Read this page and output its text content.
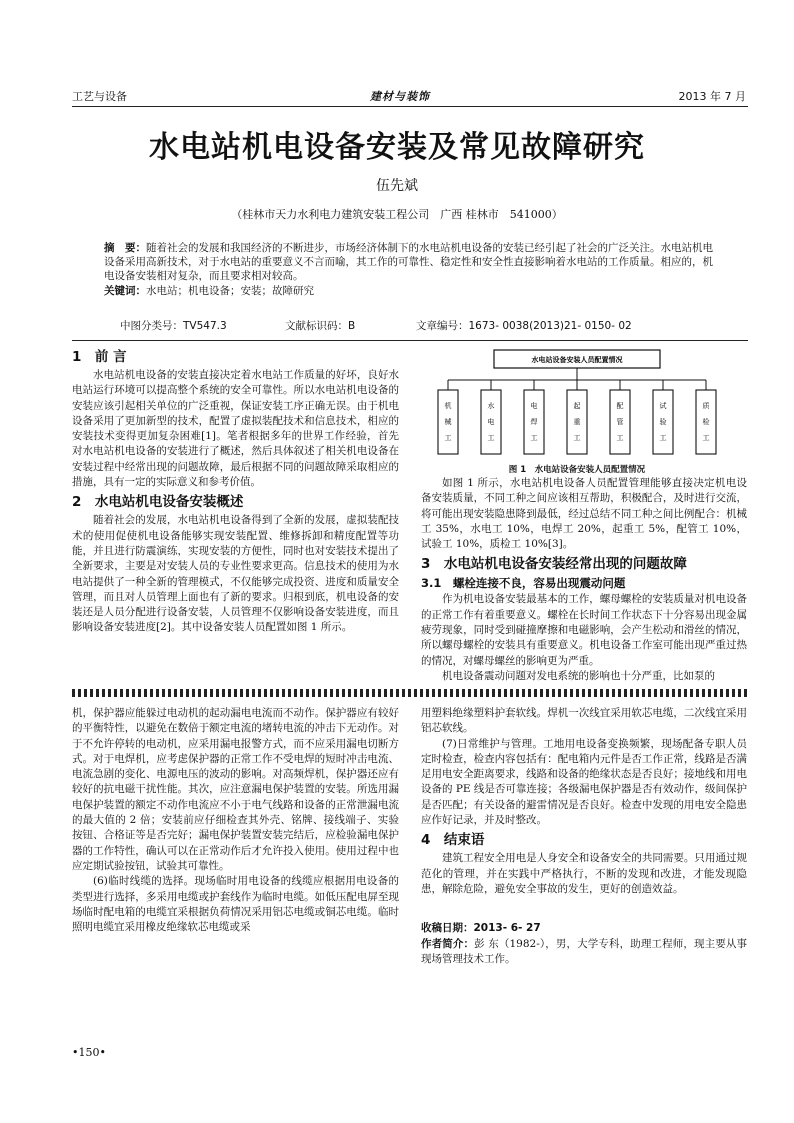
工艺与设备	建材与装饰	2013 年 7 月
水电站机电设备安装及常见故障研究
伍先斌
（桂林市天力水利电力建筑安装工程公司　广西 桂林市　541000）
摘　要：随着社会的发展和我国经济的不断进步，市场经济体制下的水电站机电设备的安装已经引起了社会的广泛关注。水电站机电设备采用高新技术，对于水电站的重要意义不言而喻，其工作的可靠性、稳定性和安全性直接影响着水电站的工作质量。相应的，机电设备安装相对复杂，而且要求相对较高。
关键词：水电站；机电设备；安装；故障研究
中图分类号：TV547.3	文献标识码：B	文章编号：1673- 0038(2013)21- 0150- 02
1　前 言

水电站机电设备的安装直接决定着水电站工作质量的好坏，良好水电站运行环境可以提高整个系统的安全可靠性。所以水电站机电设备的安装应该引起相关单位的广泛重视，保证安装工序正确无误。由于机电设备采用了更加新型的技术，配置了虚拟装配技术和信息技术，相应的安装技术变得更加复杂困难[1]。笔者根据多年的世界工作经验，首先对水电站机电设备的安装进行了概述，然后具体叙述了相关机电设备在安装过程中经常出现的问题故障，最后根据不同的问题故障采取相应的措施，具有一定的实际意义和参考价值。

2　水电站机电设备安装概述

随着社会的发展，水电站机电设备得到了全新的发展，虚拟装配技术的使用促使机电设备能够实现安装配置、维修拆卸和精度配置等功能，并且进行防震演练，实现安装的方便性，同时也对安装技术提出了全新要求，主要是对安装人员的专业性要求更高。信息技术的使用为水电站提供了一种全新的管理模式，不仅能够完成投资、进度和质量安全管理，而且对人员管理上面也有了新的要求。归根到底，机电设备的安装还是人员分配进行设备安装，人员管理不仅影响设备安装进度，而且影响设备安装进度[2]。其中设备安装人员配置如图 1 所示。

水电站设备安装人员配置情况
机械工
水电工
电焊工
起重工
配管工
试验工
质检工
图 1　水电站设备安装人员配置情况

如图 1 所示，水电站机电设备人员配置管理能够直接决定机电设备安装质量，不同工种之间应该相互帮助，积极配合，及时进行交流，将可能出现安装隐患降到最低，经过总结不同工种之间比例配合：机械工 35%，水电工 10%，电焊工 20%，起重工 5%，配管工 10%，试验工 10%，质检工 10%[3]。

3　水电站机电设备安装经常出现的问题故障
3.1　螺栓连接不良，容易出现震动问题

作为机电设备安装最基本的工作，螺母螺栓的安装质量对机电设备的正常工作有着重要意义。螺栓在长时间工作状态下十分容易出现金属疲劳现象，同时受到碰撞摩擦和电磁影响，会产生松动和滑丝的情况，所以螺母螺栓的安装具有重要意义。机电设备工作室可能出现严重过热的情况，对螺母螺丝的影响更为严重。

机电设备震动问题对发电系统的影响也十分严重，比如泵的

机，保护器应能躲过电动机的起动漏电电流而不动作。保护器应有较好的平衡特性，以避免在数倍于额定电流的堵转电流的冲击下无动作。对于不允许停转的电动机，应采用漏电报警方式，而不应采用漏电切断方式。对于电焊机，应考虑保护器的正常工作不受电焊的短时冲击电流、电流急剧的变化、电源电压的波动的影响。对高频焊机，保护器还应有较好的抗电磁干扰性能。其次，应注意漏电保护装置的安装。所选用漏电保护装置的额定不动作电流应不小于电气线路和设备的正常泄漏电流的最大值的 2 倍；安装前应仔细检查其外壳、铭牌、接线端子、实验按钮、合格证等是否完好；漏电保护装置安装完结后，应检验漏电保护器的工作特性，确认可以在正常动作后才允许投入使用。使用过程中也应定期试验按钮，试验其可靠性。

(6)临时线缆的选择。现场临时用电设备的线缆应根据用电设备的类型进行选择，多采用电缆或护套线作为临时电缆。如低压配电屏至现场临时配电箱的电缆宜采根据负荷情况采用铝芯电缆或铜芯电缆。临时照明电缆宜采用橡皮绝缘软芯电缆或采

用塑料绝缘塑料护套软线。焊机一次线宜采用软芯电缆，二次线宜采用铝芯软线。

(7)日常维护与管理。工地用电设备变换频繁，现场配备专职人员定时检查，检查内容包括有：配电箱内元件是否工作正常，线路是否满足用电安全距离要求，线路和设备的绝缘状态是否良好；接地线和用电设备的 PE 线是否可靠连接；各级漏电保护器是否有效动作，级间保护是否匹配；有关设备的避雷情况是否良好。检查中发现的用电安全隐患应作好记录，并及时整改。

4　结束语

建筑工程安全用电是人身安全和设备安全的共同需要。只用通过规范化的管理，并在实践中严格执行，不断的发现和改进，才能发现隐患，解除危险，避免安全事故的发生，更好的创造效益。

收稿日期：2013- 6- 27
作者简介：彭 东（1982-），男，大学专科，助理工程师，现主要从事现场管理技术工作。
•150•
